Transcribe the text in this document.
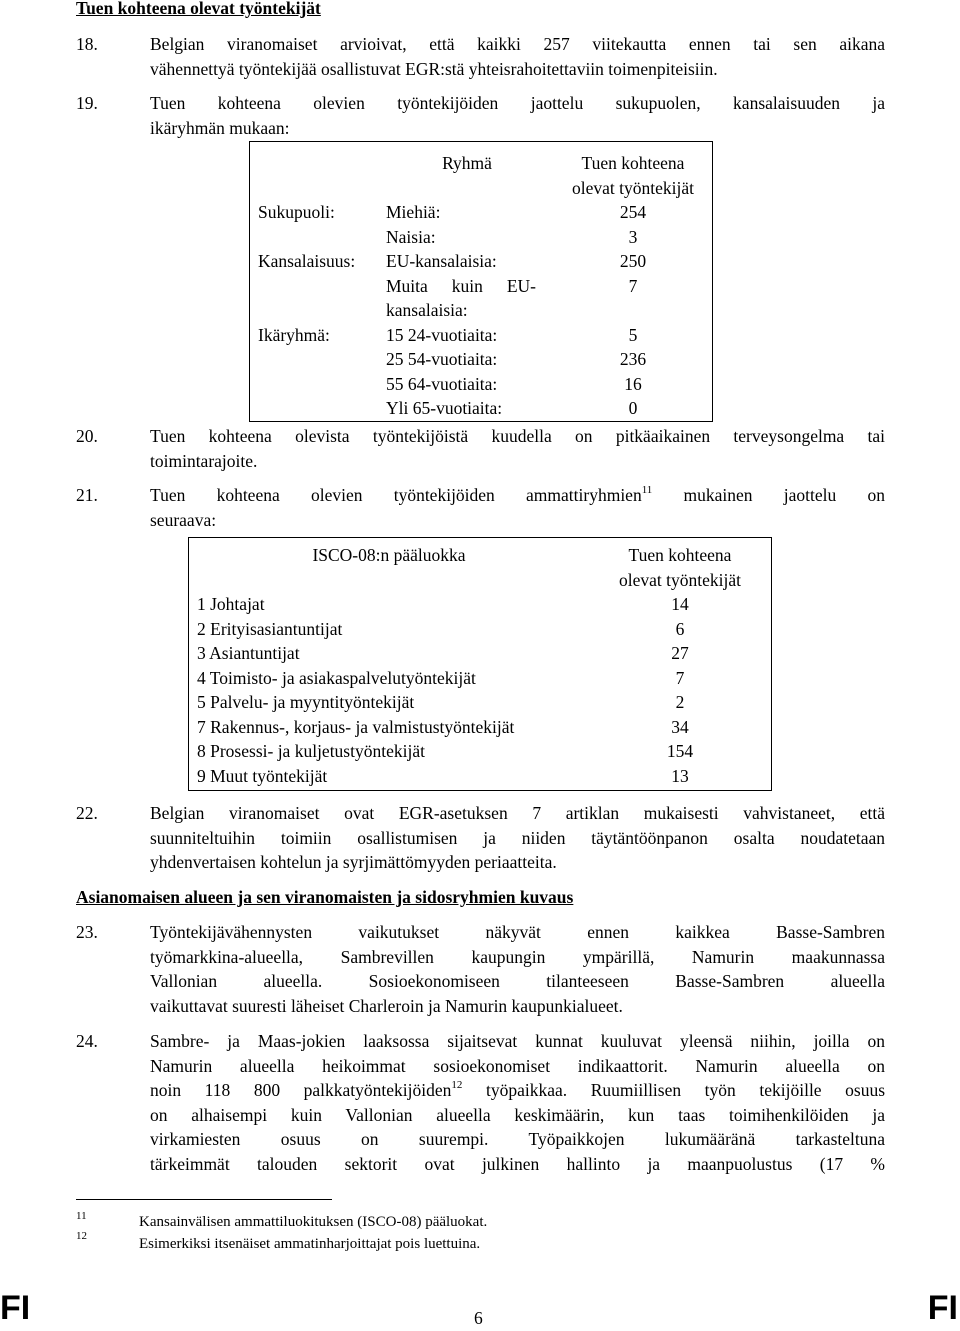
Tuen kohteena olevat työntekijät
18.	Belgian viranomaiset arvioivat, että kaikki 257 viitekautta ennen tai sen aikana
vähennettyä työntekijää osallistuvat EGR:stä yhteisrahoitettaviin toimenpiteisiin.
19.	Tuen kohteena olevien työntekijöiden jaottelu sukupuolen, kansalaisuuden ja
ikäryhmän mukaan:
	Ryhmä	Tuen kohteena
olevat työntekijät

Sukupuoli:	Miehiä:	254
	Naisia:	3
Kansalaisuus:	EU-kansalaisia:	250
	Muita kuin EU-kansalaisia:	7
Ikäryhmä:	15 24-vuotiaita:	5
	25 54-vuotiaita:	236
	55 64-vuotiaita:	16
	Yli 65-vuotiaita:	0
20.	Tuen kohteena olevista työntekijöistä kuudella on pitkäaikainen terveysongelma tai
toimintarajoite.
21.	Tuen kohteena olevien työntekijöiden ammattiryhmien$^{11}$ mukainen jaottelu on
seuraava:
ISCO-08:n pääluokka	Tuen kohteena
olevat työntekijät

1 Johtajat	14
2 Erityisasiantuntijat	6
3 Asiantuntijat	27
4 Toimisto- ja asiakaspalvelutyöntekijät	7
5 Palvelu- ja myyntityöntekijät	2
7 Rakennus-, korjaus- ja valmistustyöntekijät	34
8 Prosessi- ja kuljetustyöntekijät	154
9 Muut työntekijät	13
22.	Belgian viranomaiset ovat EGR-asetuksen 7 artiklan mukaisesti vahvistaneet, että
suunniteltuihin toimiin osallistumisen ja niiden täytäntöönpanon osalta noudatetaan
yhdenvertaisen kohtelun ja syrjimättömyyden periaatteita.
Asianomaisen alueen ja sen viranomaisten ja sidosryhmien kuvaus
23.	Työntekijävähennysten vaikutukset näkyvät ennen kaikkea Basse-Sambren
työmarkkina-alueella, Sambrevillen kaupungin ympärillä, Namurin maakunnassa
Vallonian alueella. Sosioekonomiseen tilanteeseen Basse-Sambren alueella
vaikuttavat suuresti läheiset Charleroin ja Namurin kaupunkialueet.
24.	Sambre- ja Maas-jokien laaksossa sijaitsevat kunnat kuuluvat yleensä niihin, joilla on
Namurin alueella heikoimmat sosioekonomiset indikaattorit. Namurin alueella on
noin 118 800 palkkatyöntekijöiden$^{12}$ työpaikkaa. Ruumiillisen työn tekijöille osuus
on alhaisempi kuin Vallonian alueella keskimäärin, kun taas toimihenkilöiden ja
virkamiesten osuus on suurempi. Työpaikkojen lukumääränä tarkasteltuna
tärkeimmät talouden sektorit ovat julkinen hallinto ja maanpuolustus (17 %
11	Kansainvälisen ammattiluokituksen (ISCO-08) pääluokat.
12	Esimerkiksi itsenäiset ammatinharjoittajat pois luettuina.
FI	6	FI
